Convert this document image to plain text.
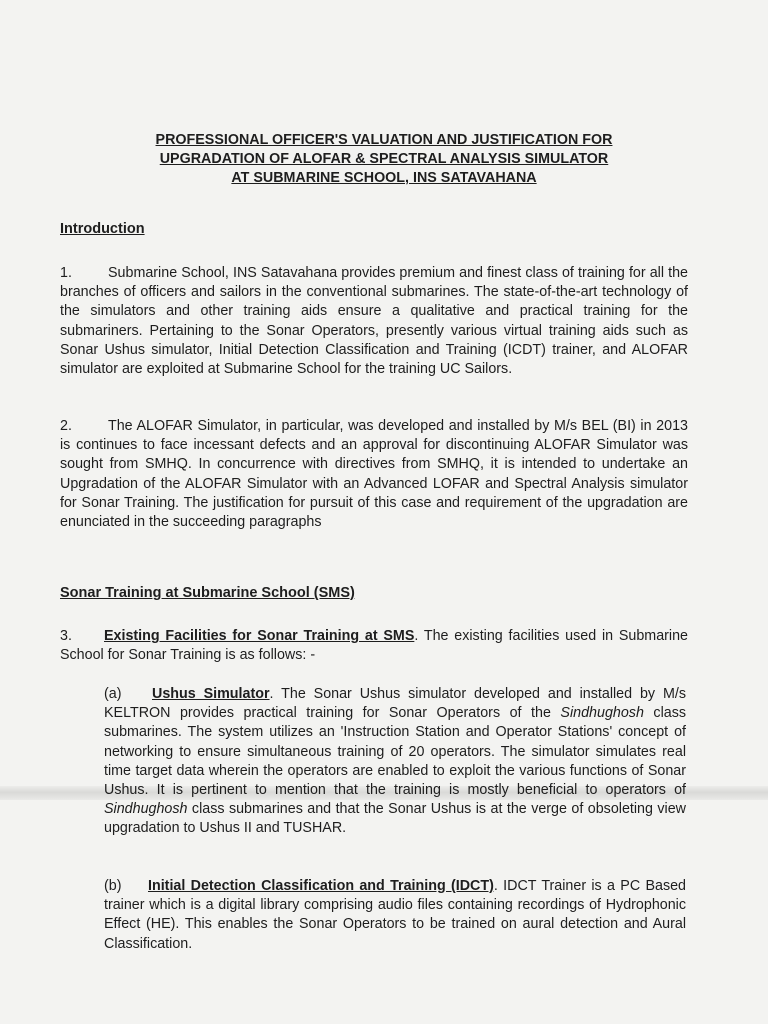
PROFESSIONAL OFFICER'S VALUATION AND JUSTIFICATION FOR
UPGRADATION OF ALOFAR & SPECTRAL ANALYSIS SIMULATOR
AT SUBMARINE SCHOOL, INS SATAVAHANA
Introduction
1.	Submarine School, INS Satavahana provides premium and finest class of training for all the branches of officers and sailors in the conventional submarines. The state-of-the-art technology of the simulators and other training aids ensure a qualitative and practical training for the submariners. Pertaining to the Sonar Operators, presently various virtual training aids such as Sonar Ushus simulator, Initial Detection Classification and Training (ICDT) trainer, and ALOFAR simulator are exploited at Submarine School for the training UC Sailors.
2.	The ALOFAR Simulator, in particular, was developed and installed by M/s BEL (BI) in 2013 is continues to face incessant defects and an approval for discontinuing ALOFAR Simulator was sought from SMHQ. In concurrence with directives from SMHQ, it is intended to undertake an Upgradation of the ALOFAR Simulator with an Advanced LOFAR and Spectral Analysis simulator for Sonar Training. The justification for pursuit of this case and requirement of the upgradation are enunciated in the succeeding paragraphs
Sonar Training at Submarine School (SMS)
3. Existing Facilities for Sonar Training at SMS. The existing facilities used in Submarine School for Sonar Training is as follows: -
(a) Ushus Simulator. The Sonar Ushus simulator developed and installed by M/s KELTRON provides practical training for Sonar Operators of the Sindhughosh class submarines. The system utilizes an 'Instruction Station and Operator Stations' concept of networking to ensure simultaneous training of 20 operators. The simulator simulates real time target data wherein the operators are enabled to exploit the various functions of Sonar Ushus. It is pertinent to mention that the training is mostly beneficial to operators of Sindhughosh class submarines and that the Sonar Ushus is at the verge of obsoleting view upgradation to Ushus II and TUSHAR.
(b) Initial Detection Classification and Training (IDCT). IDCT Trainer is a PC Based trainer which is a digital library comprising audio files containing recordings of Hydrophonic Effect (HE). This enables the Sonar Operators to be trained on aural detection and Aural Classification.
